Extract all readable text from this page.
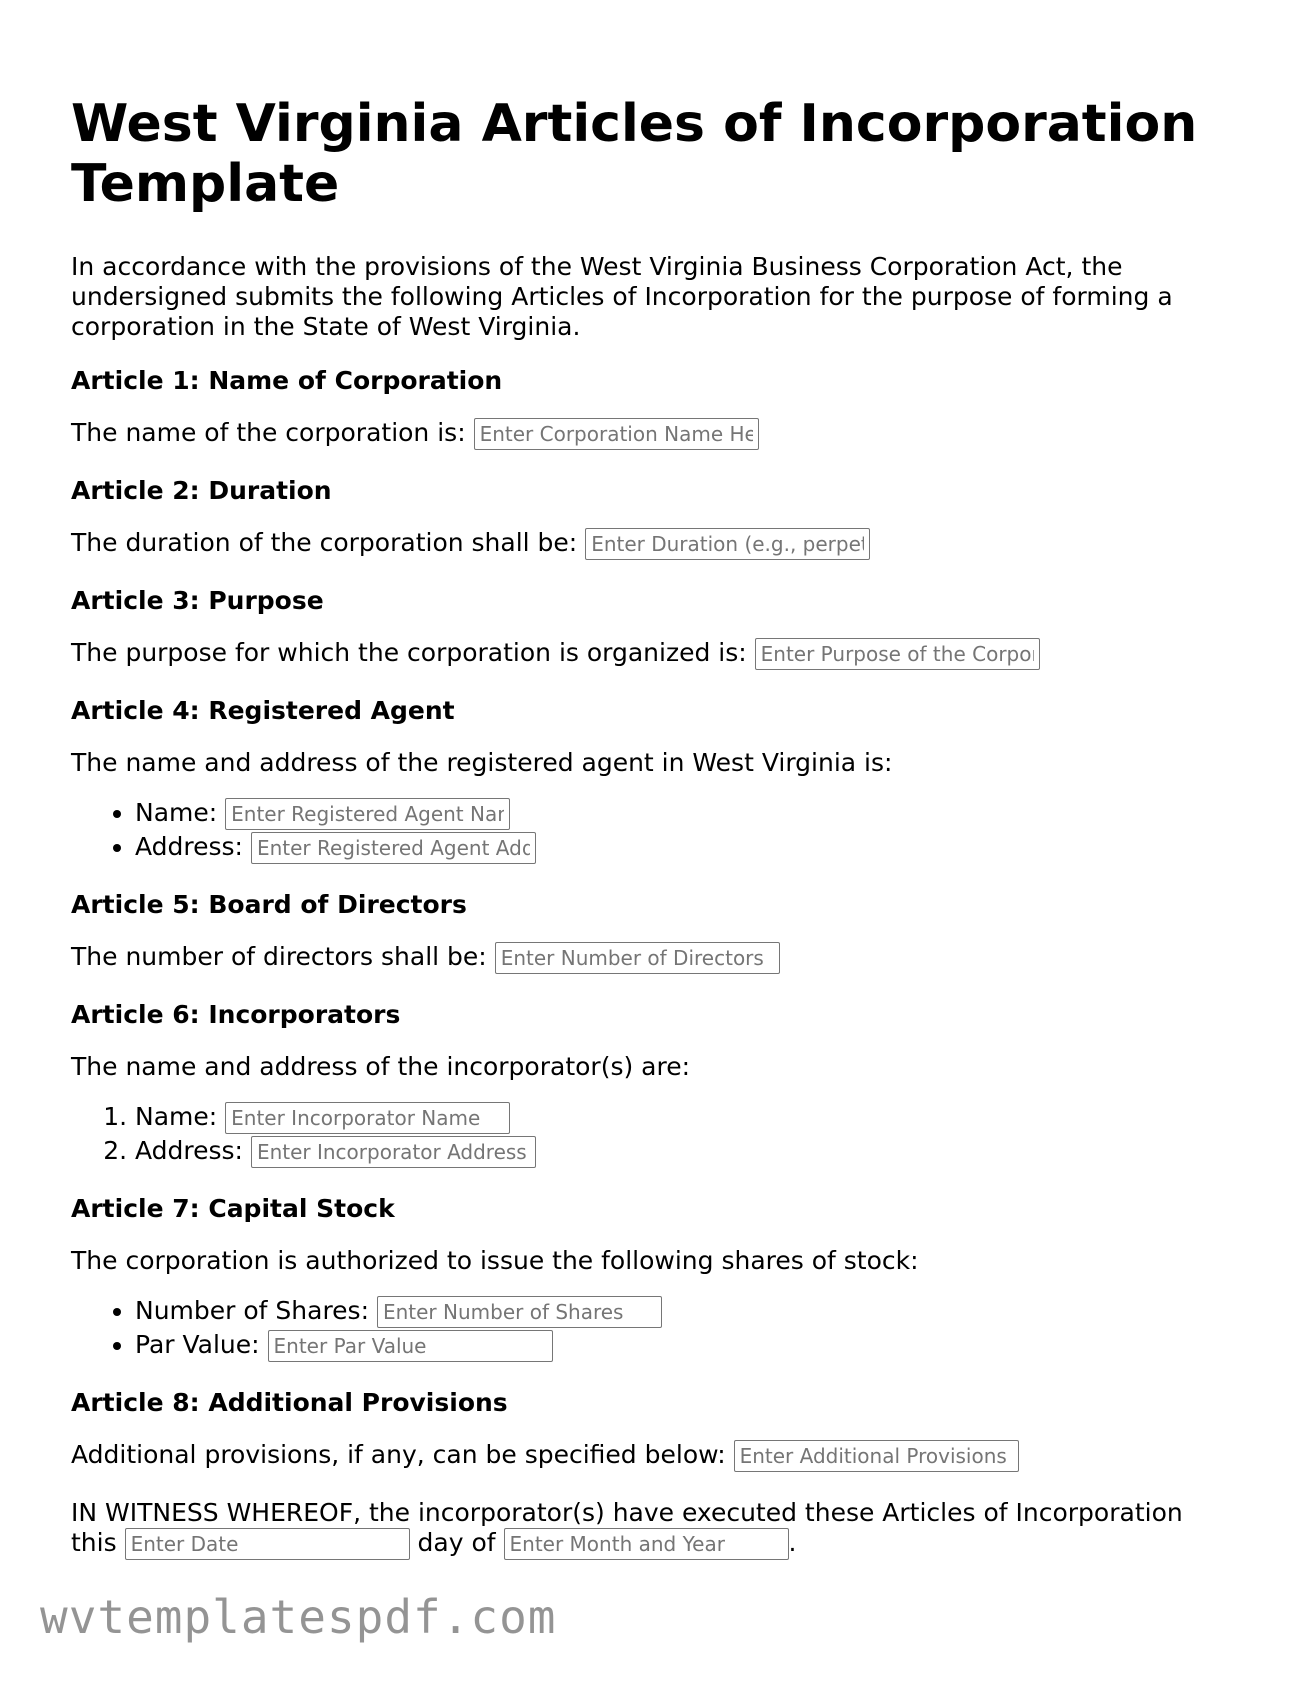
West Virginia Articles of Incorporation Template

In accordance with the provisions of the West Virginia Business Corporation Act, the undersigned submits the following Articles of Incorporation for the purpose of forming a corporation in the State of West Virginia.

Article 1: Name of Corporation
The name of the corporation is: Enter Corporation Name Here
Article 2: Duration
The duration of the corporation shall be: Enter Duration (e.g., perpetual)
Article 3: Purpose
The purpose for which the corporation is organized is: Enter Purpose of the Corporation
Article 4: Registered Agent
The name and address of the registered agent in West Virginia is:
• Name: Enter Registered Agent Name
• Address: Enter Registered Agent Address
Article 5: Board of Directors
The number of directors shall be: Enter Number of Directors
Article 6: Incorporators
The name and address of the incorporator(s) are:
1. Name: Enter Incorporator Name
2. Address: Enter Incorporator Address
Article 7: Capital Stock
The corporation is authorized to issue the following shares of stock:
• Number of Shares: Enter Number of Shares
• Par Value: Enter Par Value
Article 8: Additional Provisions
Additional provisions, if any, can be specified below: Enter Additional Provisions
IN WITNESS WHEREOF, the incorporator(s) have executed these Articles of Incorporation this Enter Date	day of Enter Month and Year	.
wvtemplatespdf.com
